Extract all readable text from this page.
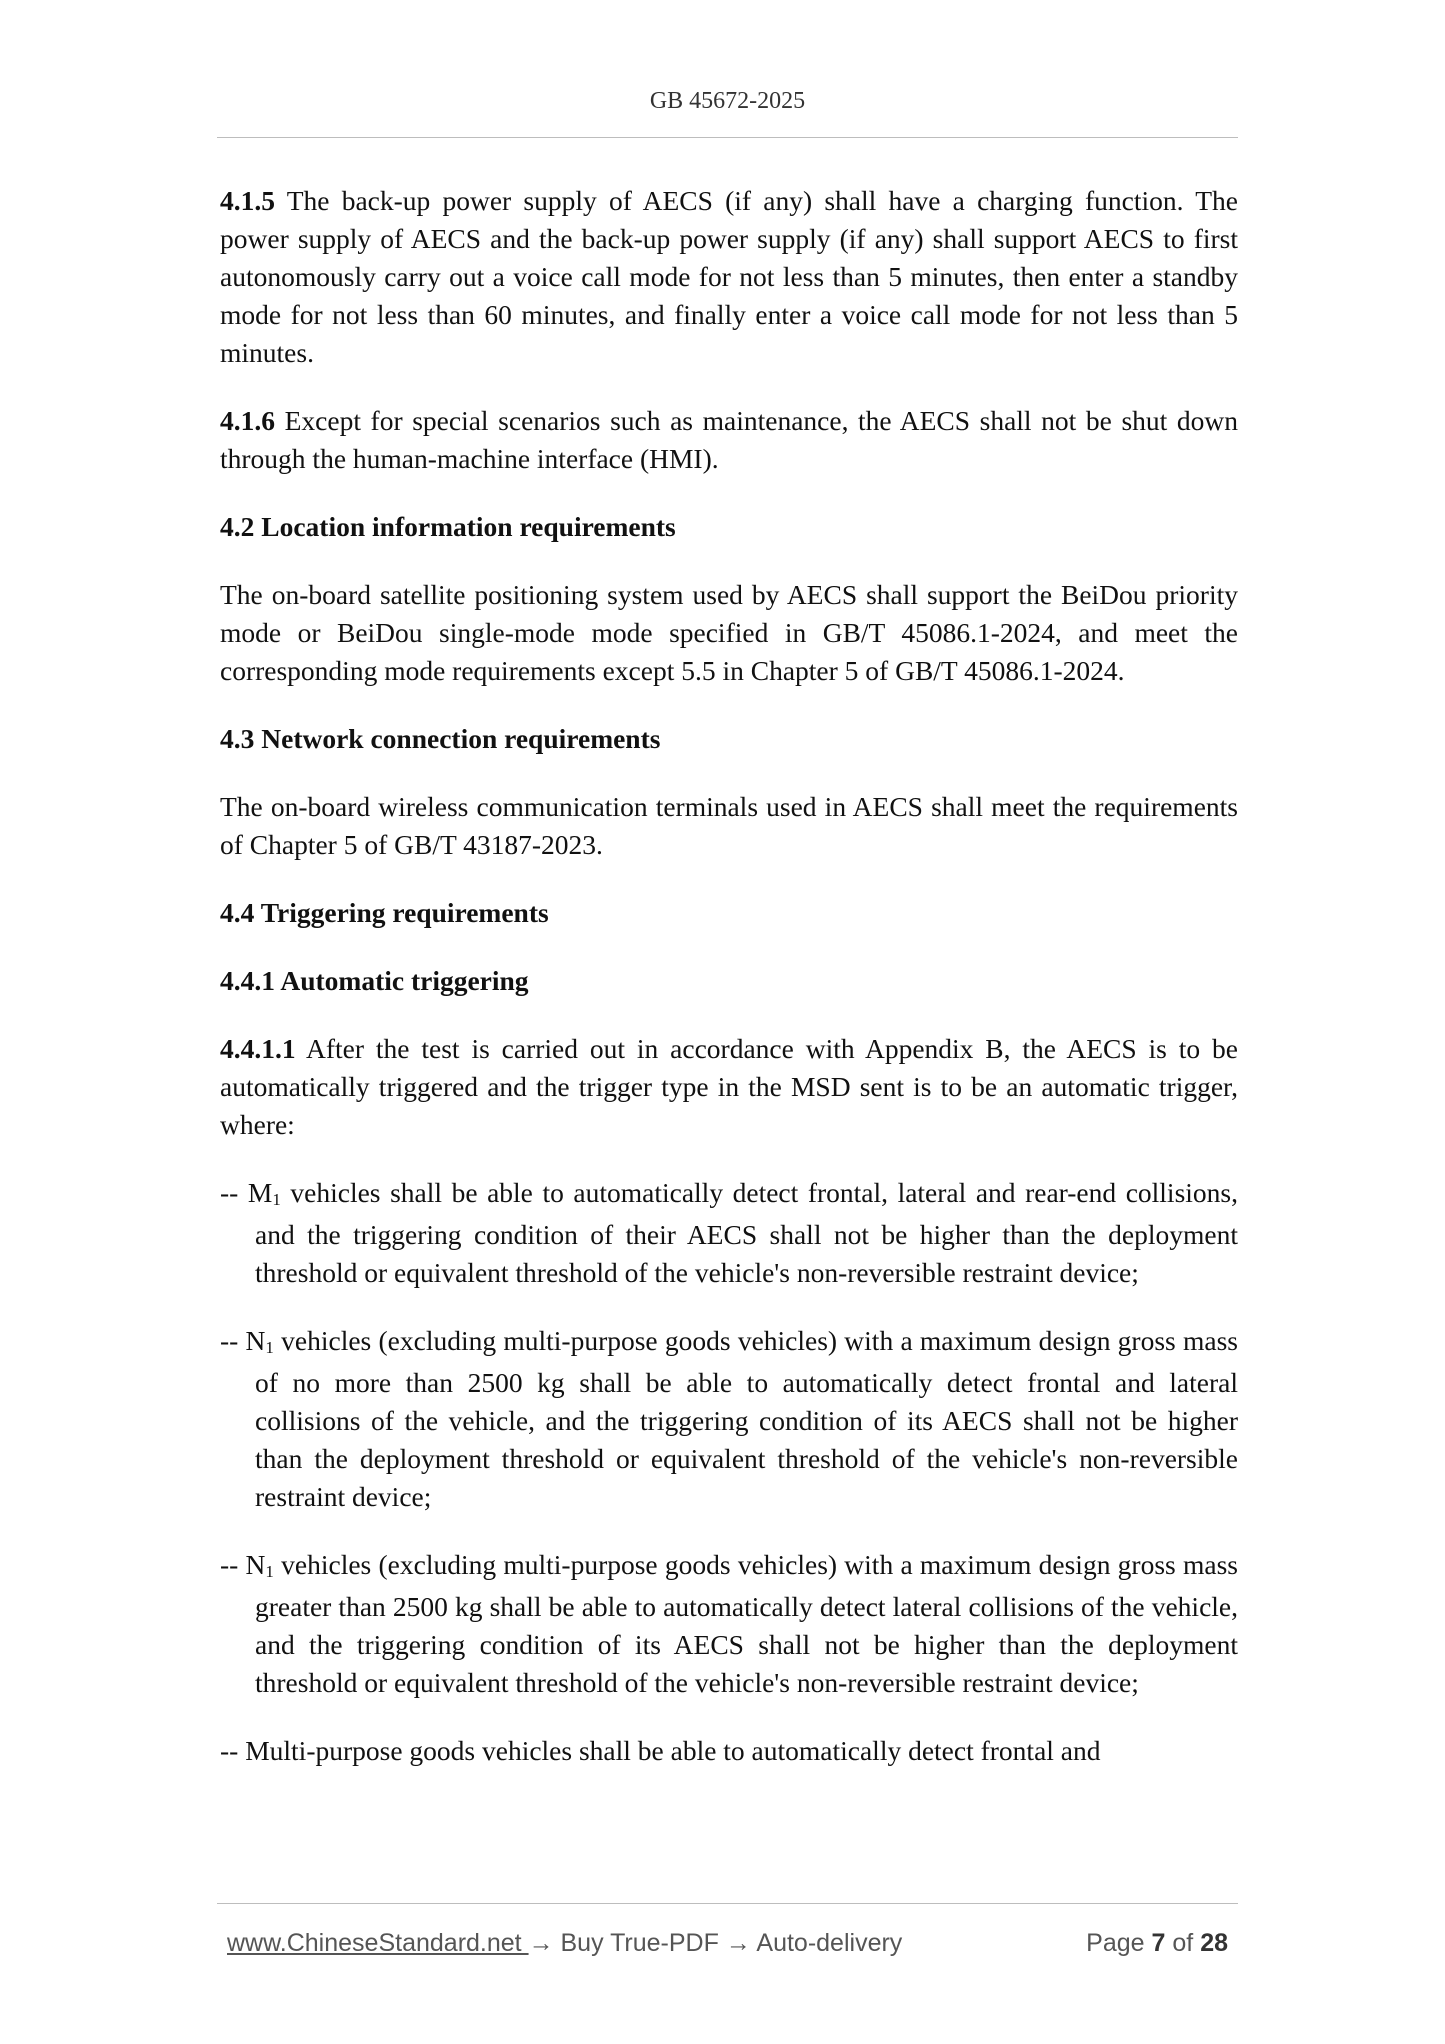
GB 45672-2025

4.1.5 The back-up power supply of AECS (if any) shall have a charging function. The power supply of AECS and the back-up power supply (if any) shall support AECS to first autonomously carry out a voice call mode for not less than 5 minutes, then enter a standby mode for not less than 60 minutes, and finally enter a voice call mode for not less than 5 minutes.

4.1.6 Except for special scenarios such as maintenance, the AECS shall not be shut down through the human-machine interface (HMI).

4.2 Location information requirements

The on-board satellite positioning system used by AECS shall support the BeiDou priority mode or BeiDou single-mode mode specified in GB/T 45086.1-2024, and meet the corresponding mode requirements except 5.5 in Chapter 5 of GB/T 45086.1-2024.

4.3 Network connection requirements

The on-board wireless communication terminals used in AECS shall meet the requirements of Chapter 5 of GB/T 43187-2023.

4.4 Triggering requirements
4.4.1 Automatic triggering

4.4.1.1 After the test is carried out in accordance with Appendix B, the AECS is to be automatically triggered and the trigger type in the MSD sent is to be an automatic trigger, where:

-- $M_1$ vehicles shall be able to automatically detect frontal, lateral and rear-end collisions, and the triggering condition of their AECS shall not be higher than the deployment threshold or equivalent threshold of the vehicle's non-reversible restraint device;

-- $N_1$ vehicles (excluding multi-purpose goods vehicles) with a maximum design gross mass of no more than 2500 kg shall be able to automatically detect frontal and lateral collisions of the vehicle, and the triggering condition of its AECS shall not be higher than the deployment threshold or equivalent threshold of the vehicle's non-reversible restraint device;

-- $N_1$ vehicles (excluding multi-purpose goods vehicles) with a maximum design gross mass greater than 2500 kg shall be able to automatically detect lateral collisions of the vehicle, and the triggering condition of its AECS shall not be higher than the deployment threshold or equivalent threshold of the vehicle's non-reversible restraint device;

-- Multi-purpose goods vehicles shall be able to automatically detect frontal and

www.ChineseStandard.net → Buy True-PDF → Auto-delivery	Page 7 of 28
